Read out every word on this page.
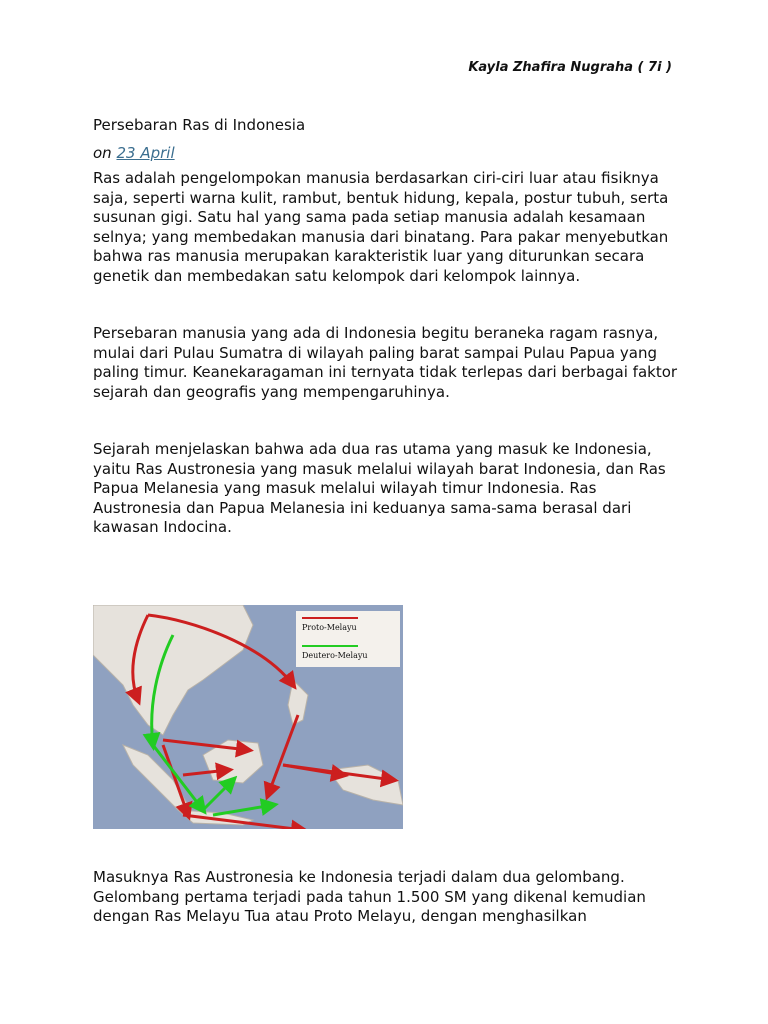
Kayla Zhafira Nugraha ( 7i )

Persebaran Ras di Indonesia

on 23 April

Ras adalah pengelompokan manusia berdasarkan ciri-ciri luar atau fisiknya saja, seperti warna kulit, rambut, bentuk hidung, kepala, postur tubuh, serta susunan gigi. Satu hal yang sama pada setiap manusia adalah kesamaan selnya; yang membedakan manusia dari binatang. Para pakar menyebutkan bahwa ras manusia merupakan karakteristik luar yang diturunkan secara genetik dan membedakan satu kelompok dari kelompok lainnya.

Persebaran manusia yang ada di Indonesia begitu beraneka ragam rasnya, mulai dari Pulau Sumatra di wilayah paling barat sampai Pulau Papua yang paling timur. Keanekaragaman ini ternyata tidak terlepas dari berbagai faktor sejarah dan geografis yang mempengaruhinya.

Sejarah menjelaskan bahwa ada dua ras utama yang masuk ke Indonesia, yaitu Ras Austronesia yang masuk melalui wilayah barat Indonesia, dan Ras Papua Melanesia yang masuk melalui wilayah timur Indonesia. Ras Austronesia dan Papua Melanesia ini keduanya sama-sama berasal dari kawasan Indocina.

Proto-Melayu
Deutero-Melayu

Masuknya Ras Austronesia ke Indonesia terjadi dalam dua gelombang. Gelombang pertama terjadi pada tahun 1.500 SM yang dikenal kemudian dengan Ras Melayu Tua atau Proto Melayu, dengan menghasilkan
